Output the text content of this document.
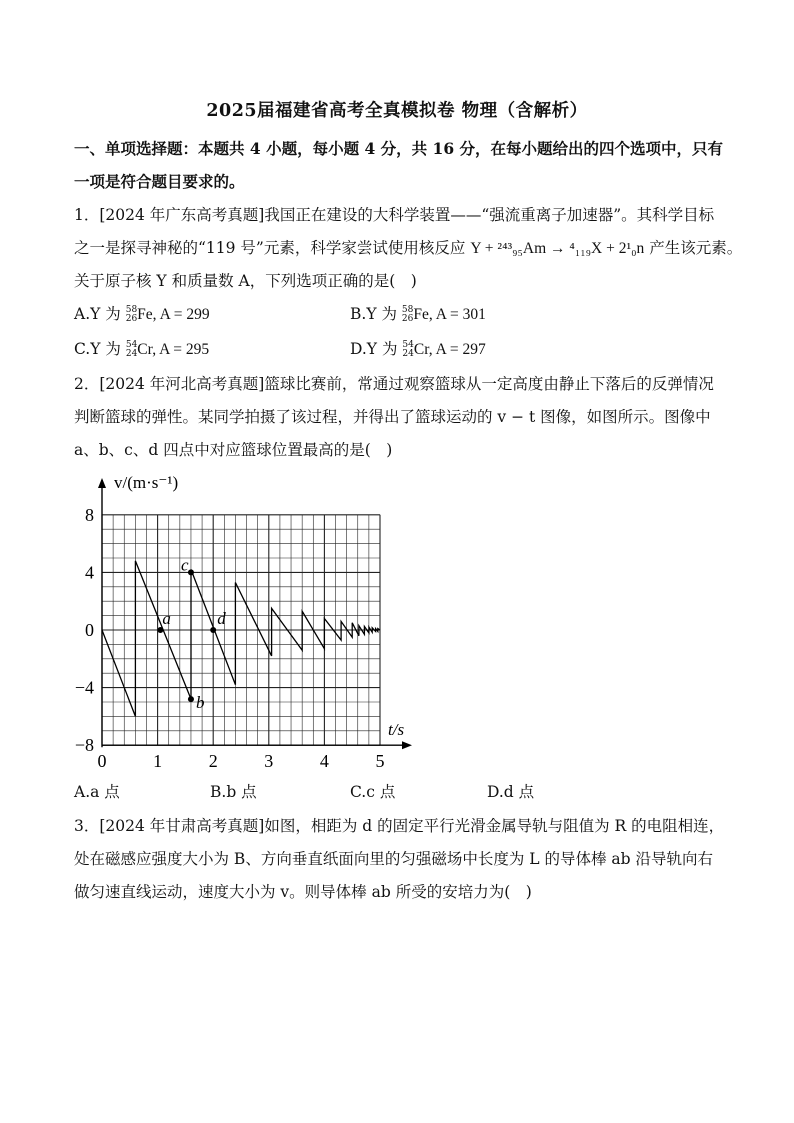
2025届福建省高考全真模拟卷 物理（含解析）
一、单项选择题：本题共 4 小题，每小题 4 分，共 16 分，在每小题给出的四个选项中，只有
一项是符合题目要求的。
1．[2024 年广东高考真题]我国正在建设的大科学装置——“强流重离子加速器”。其科学目标
之一是探寻神秘的“119 号”元素，科学家尝试使用核反应 Y + ²⁴³₉₅Am → ⁴₁₁₉X + 2¹₀n 产生该元素。
关于原子核 Y 和质量数 A，下列选项正确的是(　)
A.Y 为 58
26Fe, A = 299	B.Y 为 58
26Fe, A = 301
C.Y 为 54
24Cr, A = 295	D.Y 为 54
24Cr, A = 297
2．[2024 年河北高考真题]篮球比赛前，常通过观察篮球从一定高度由静止下落后的反弹情况
判断篮球的弹性。某同学拍摄了该过程，并得出了篮球运动的 v − t 图像，如图所示。图像中
a、b、c、d 四点中对应篮球位置最高的是(　)
8
4
0
−4
−8
0	1	2	3	4	5
v/(m·s⁻¹)
t/s
a
b
c
d
A.a 点	B.b 点	C.c 点	D.d 点
3．[2024 年甘肃高考真题]如图，相距为 d 的固定平行光滑金属导轨与阻值为 R 的电阻相连，
处在磁感应强度大小为 B、方向垂直纸面向里的匀强磁场中长度为 L 的导体棒 ab 沿导轨向右
做匀速直线运动，速度大小为 v。则导体棒 ab 所受的安培力为(　)
